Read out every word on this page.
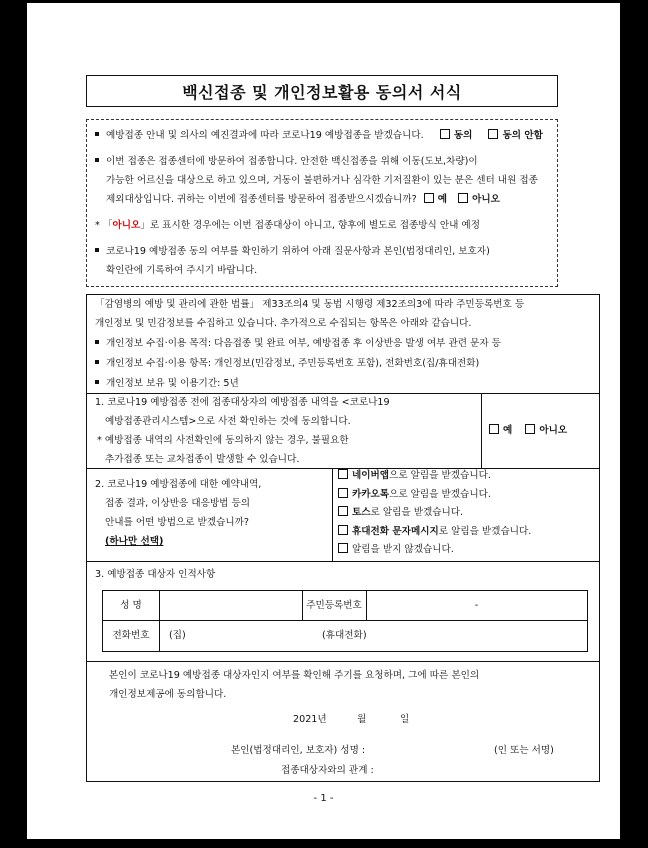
백신접종 및 개인정보활용 동의서 서식
예방접종 안내 및 의사의 예진결과에 따라 코로나19 예방접종을 받겠습니다.	동의	동의 안함
이번 접종은 접종센터에 방문하여 접종합니다. 안전한 백신접종을 위해 이동(도보,차량)이
가능한 어르신을 대상으로 하고 있으며, 거동이 불편하거나 심각한 기저질환이 있는 분은 센터 내원 접종
제외대상입니다. 귀하는 이번에 접종센터를 방문하여 접종받으시겠습니까? 예	아니오
* 「아니오」로 표시한 경우에는 이번 접종대상이 아니고, 향후에 별도로 접종방식 안내 예정
코로나19 예방접종 동의 여부를 확인하기 위하여 아래 질문사항과 본인(법정대리인, 보호자)
확인란에 기록하여 주시기 바랍니다.
「감염병의 예방 및 관리에 관한 법률」 제33조의4 및 동법 시행령 제32조의3에 따라 주민등록번호 등
개인정보 및 민감정보를 수집하고 있습니다. 추가적으로 수집되는 항목은 아래와 같습니다.
개인정보 수집·이용 목적: 다음접종 및 완료 여부, 예방접종 후 이상반응 발생 여부 관련 문자 등
개인정보 수집·이용 항목: 개인정보(민감정보, 주민등록번호 포함), 전화번호(집/휴대전화)
개인정보 보유 및 이용기간: 5년
1. 코로나19 예방접종 전에 접종대상자의 예방접종 내역을 <코로나19
예방접종관리시스템>으로 사전 확인하는 것에 동의합니다.
* 예방접종 내역의 사전확인에 동의하지 않는 경우, 불필요한
추가접종 또는 교차접종이 발생할 수 있습니다.
예	아니오
2. 코로나19 예방접종에 대한 예약내역,
접종 결과, 이상반응 대응방법 등의
안내를 어떤 방법으로 받겠습니까?
(하나만 선택)
네이버앱으로 알림을 받겠습니다.
카카오톡으로 알림을 받겠습니다.
토스로 알림을 받겠습니다.
휴대전화 문자메시지로 알림을 받겠습니다.
알림을 받지 않겠습니다.
3. 예방접종 대상자 인적사항
성 명	주민등록번호	-
전화번호	(집)	(휴대전화)
본인이 코로나19 예방접종 대상자인지 여부를 확인해 주기를 요청하며, 그에 따른 본인의
개인정보제공에 동의합니다.
2021년	월	일
본인(법정대리인, 보호자) 성명 :	(인 또는 서명)
접종대상자와의 관계 :
- 1 -
